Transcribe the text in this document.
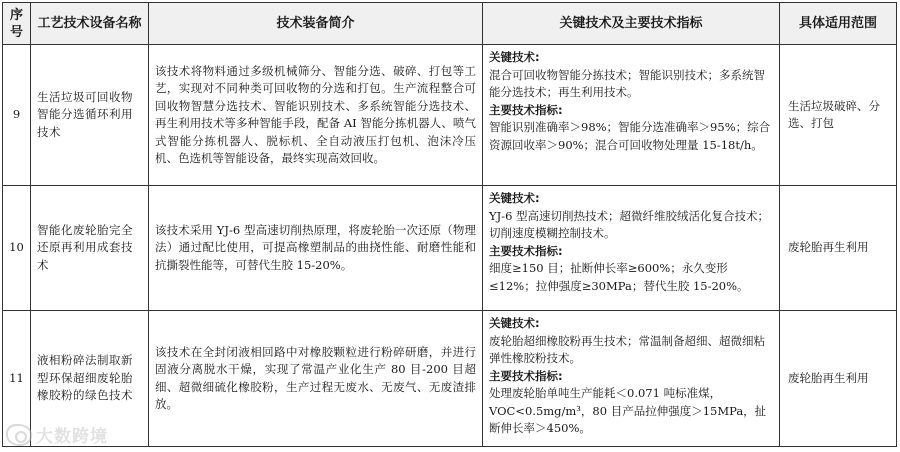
序号	工艺技术设备名称	技术装备简介	关键技术及主要技术指标	具体适用范围
9	生活垃圾可回收物智能分选循环利用技术	该技术将物料通过多级机械筛分、智能分选、破碎、打包等工艺，实现对不同种类可回收物的分选和打包。生产流程整合可回收物智慧分选技术、智能识别技术、多系统智能分选技术、再生利用技术等多种智能手段，配备 AI 智能分拣机器人、喷气式智能分拣机器人、脱标机、全自动液压打包机、泡沫冷压机、色选机等智能设备，最终实现高效回收。	关键技术:
混合可回收物智能分拣技术；智能识别技术；多系统智能分选技术；再生利用技术。
主要技术指标:
智能识别准确率＞98%；智能分选准确率＞95%；综合资源回收率＞90%；混合可回收物处理量 15-18t/h。	生活垃圾破碎、分选、打包
10	智能化废轮胎完全还原再利用成套技术	该技术采用 YJ-6 型高速切削热原理，将废轮胎一次还原（物理法）通过配比使用，可提高橡塑制品的曲挠性能、耐磨性能和抗撕裂性能等，可替代生胶 15-20%。	关键技术:
YJ-6 型高速切削热技术；超微纤维胶绒活化复合技术；切削速度模糊控制技术。
主要技术指标:
细度≥150 目；扯断伸长率≥600%；永久变形≤12%；拉伸强度≥30MPa；替代生胶 15-20%。	废轮胎再生利用
11	液相粉碎法制取新型环保超细废轮胎橡胶粉的绿色技术	该技术在全封闭液相回路中对橡胶颗粒进行粉碎研磨，并进行固液分离脱水干燥，实现了常温产业化生产 80 目-200 目超细、超微细硫化橡胶粉，生产过程无废水、无废气、无废渣排放。	关键技术:
废轮胎超细橡胶粉再生技术；常温制备超细、超微细粘弹性橡胶粉技术。
主要技术指标:
处理废轮胎单吨生产能耗＜0.071 吨标准煤，VOC<0.5mg/m³，80 目产品拉伸强度＞15MPa，扯断伸长率＞450%。	废轮胎再生利用
大数跨境
